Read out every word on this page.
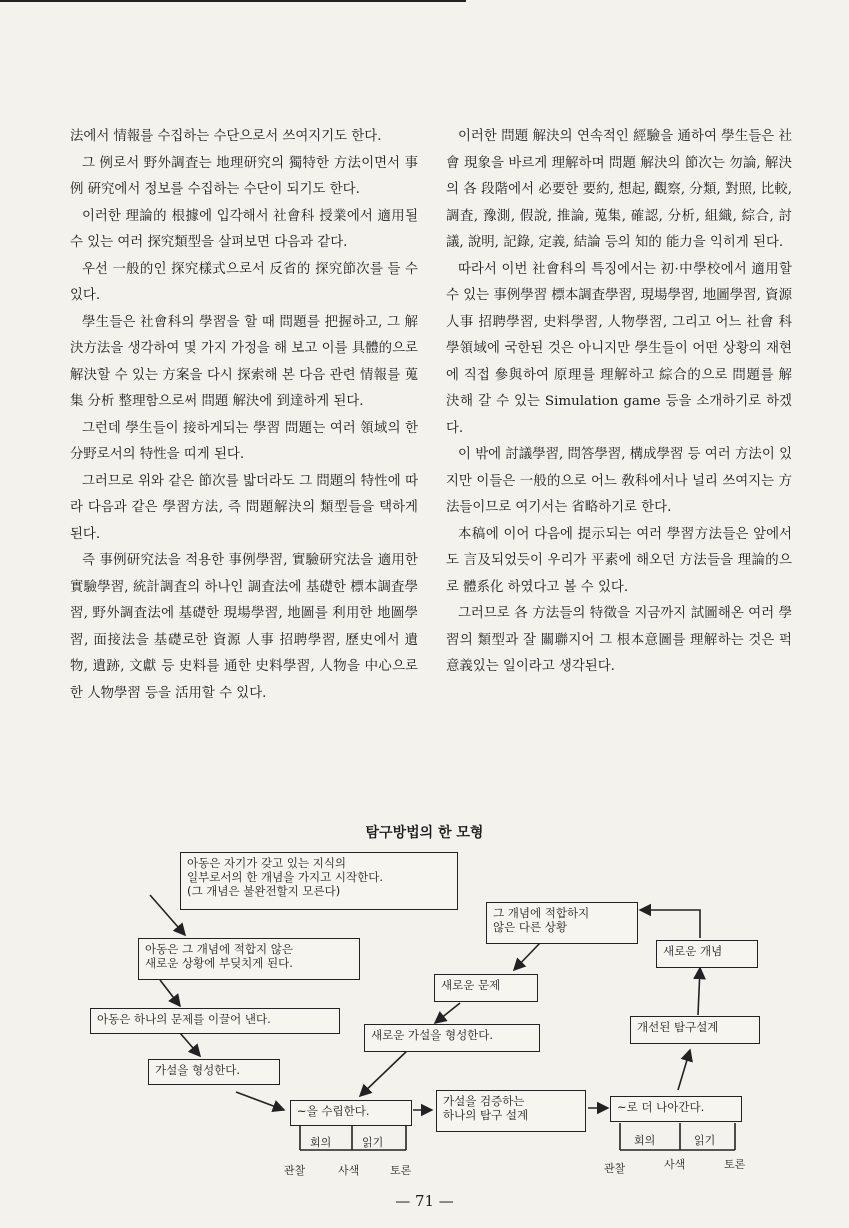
法에서 情報를 수집하는 수단으로서 쓰여지기도 한다.

그 例로서 野外調査는 地理研究의 獨特한 方法이면서 事例 硏究에서 정보를 수집하는 수단이 되기도 한다.

이러한 理論的 根據에 입각해서 社會科 授業에서 適用될 수 있는 여러 探究類型을 살펴보면 다음과 같다.

우선 一般的인 探究樣式으로서 反省的 探究節次를 들 수 있다.

學生들은 社會科의 學習을 할 때 問題를 把握하고, 그 解決方法을 생각하여 몇 가지 가정을 해 보고 이를 具體的으로 解決할 수 있는 方案을 다시 探索해 본 다음 관련 情報를 蒐集 分析 整理함으로써 問題 解決에 到達하게 된다.

그런데 學生들이 接하게되는 學習 問題는 여러 領域의 한 分野로서의 特性을 띠게 된다.

그러므로 위와 같은 節次를 밟더라도 그 問題의 特性에 따라 다음과 같은 學習方法, 즉 問題解決의 類型들을 택하게 된다.

즉 事例研究法을 적용한 事例學習, 實驗研究法을 適用한 實驗學習, 統計調査의 하나인 調査法에 基礎한 標本調査學習, 野外調査法에 基礎한 現場學習, 地圖를 利用한 地圖學習, 面接法을 基礎로한 資源 人事 招聘學習, 歷史에서 遺物, 遺跡, 文獻 등 史料를 通한 史料學習, 人物을 中心으로 한 人物學習 등을 活用할 수 있다.

이러한 問題 解決의 연속적인 經驗을 通하여 學生들은 社會 現象을 바르게 理解하며 問題 解決의 節次는 勿論, 解決의 各 段階에서 必要한 要約, 想起, 觀察, 分類, 對照, 比較, 調査, 豫測, 假說, 推論, 蒐集, 確認, 分析, 組織, 綜合, 討議, 說明, 記錄, 定義, 結論 등의 知的 能力을 익히게 된다.

따라서 이번 社會科의 특징에서는 初·中學校에서 適用할 수 있는 事例學習 標本調査學習, 現場學習, 地圖學習, 資源人事 招聘學習, 史料學習, 人物學習, 그리고 어느 社會 科學領域에 국한된 것은 아니지만 學生들이 어떤 상황의 재현에 직접 參與하여 原理를 理解하고 綜合的으로 問題를 解決해 갈 수 있는 Simulation game 등을 소개하기로 하겠다.

이 밖에 討議學習, 問答學習, 構成學習 등 여러 方法이 있지만 이들은 一般的으로 어느 敎科에서나 널리 쓰여지는 方法들이므로 여기서는 省略하기로 한다.

本稿에 이어 다음에 提示되는 여러 學習方法들은 앞에서도 言及되었듯이 우리가 平素에 해오던 方法들을 理論的으로 體系化 하였다고 볼 수 있다.

그러므로 各 方法들의 特徵을 지금까지 試圖해온 여러 學習의 類型과 잘 關聯지어 그 根本意圖를 理解하는 것은 퍽 意義있는 일이라고 생각된다.

탐구방법의 한 모형
아동은 자기가 갖고 있는 지식의
일부로서의 한 개념을 가지고 시작한다.
(그 개념은 불완전할지 모른다)
아동은 그 개념에 적합지 않은
새로운 상황에 부딪치게 된다.
아동은 하나의 문제를 이끌어 낸다.
가설을 형성한다.
~을 수립한다.
가설을 검증하는
하나의 탐구 설계
~로 더 나아간다.
개선된 탐구설계
새로운 개념
그 개념에 적합하지
않은 다른 상황
새로운 문제
새로운 가설을 형성한다.
회의	읽기
관찰	사색	토론
회의	읽기
관찰	사색	토론
— 71 —
